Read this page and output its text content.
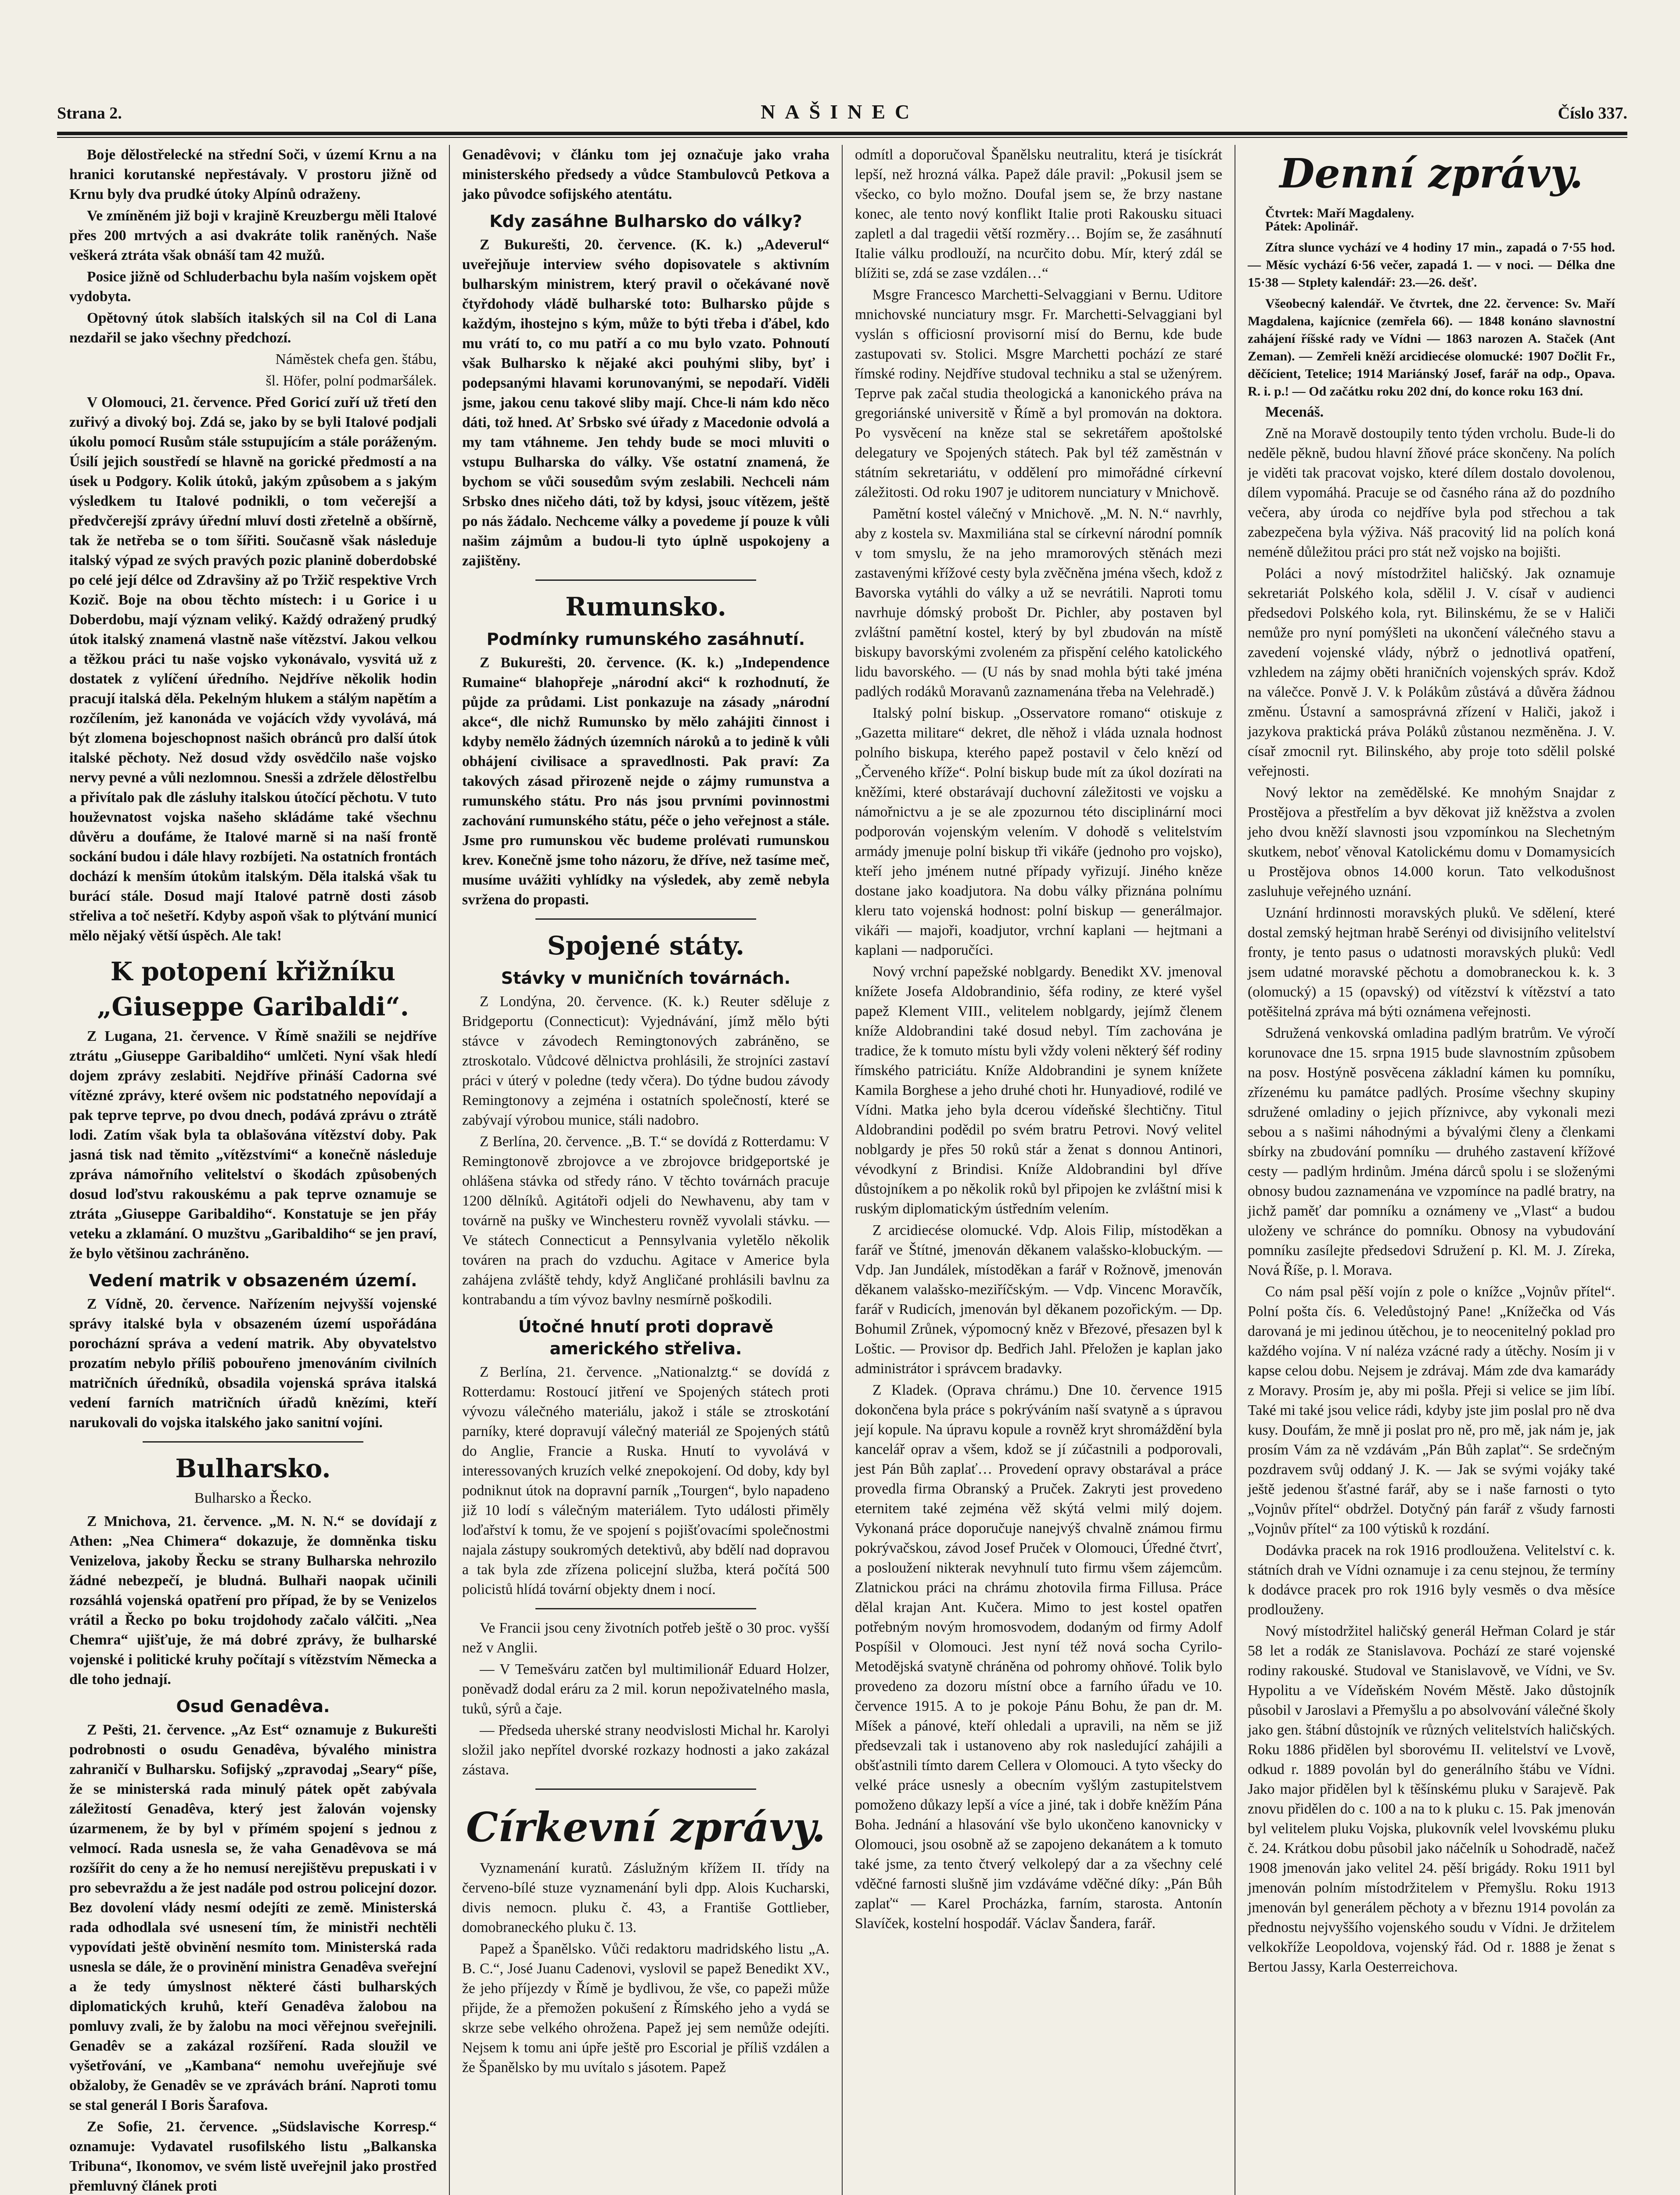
Strana 2.	NAŠINEC	Číslo 337.

Boje dělostřelecké na střední Soči, v území Krnu a na hranici korutanské nepřestávaly. V prostoru jižně od Krnu byly dva prudké útoky Alpínů odraženy.

Ve zmíněném již boji v krajině Kreuzbergu měli Italové přes 200 mrtvých a asi dvakráte tolik raněných. Naše veškerá ztráta však obnáší tam 42 mužů.

Posice jižně od Schluderbachu byla naším vojskem opět vydobyta.

Opětovný útok slabších italských sil na Col di Lana nezdařil se jako všechny předchozí.

Náměstek chefa gen. štábu,

šl. Höfer, polní podmaršálek.

V Olomouci, 21. července. Před Goricí zuří už třetí den zuřivý a divoký boj. Zdá se, jako by se byli Italové podjali úkolu pomocí Rusům stále sstupujícím a stále poráženým. Úsilí jejich soustředí se hlavně na gorické předmostí a na úsek u Podgory. Kolik útoků, jakým způsobem a s jakým výsledkem tu Italové podnikli, o tom večerejší a předvčerejší zprávy úřední mluví dosti zřetelně a obšírně, tak že netřeba se o tom šířiti. Současně však následuje italský výpad ze svých pravých pozic planině doberdobské po celé její délce od Zdravšiny až po Tržič respektive Vrch Kozič. Boje na obou těchto místech: i u Gorice i u Doberdobu, mají význam veliký. Každý odražený prudký útok italský znamená vlastně naše vítězství. Jakou velkou a těžkou práci tu naše vojsko vykonávalo, vysvitá už z dostatek z vylíčení úředního. Nejdříve několik hodin pracují italská děla. Pekelným hlukem a stálým napětím a rozčílením, jež kanonáda ve vojácích vždy vyvolává, má být zlomena bojeschopnost našich obránců pro další útok italské pěchoty. Než dosud vždy osvědčilo naše vojsko nervy pevné a vůli nezlomnou. Snesši a zdržele dělostřelbu a přivítalo pak dle zásluhy italskou útočící pěchotu. V tuto houževnatost vojska našeho skládáme také všechnu důvěru a doufáme, že Italové marně si na naší frontě sockání budou i dále hlavy rozbíjeti. Na ostatních frontách dochází k menším útokům italským. Děla italská však tu burácí stále. Dosud mají Italové patrně dosti zásob střeliva a toč nešetří. Kdyby aspoň však to plýtvání municí mělo nějaký větší úspěch. Ale tak!

K potopení křižníku
„Giuseppe Garibaldi“.

Z Lugana, 21. července. V Římě snažili se nejdříve ztrátu „Giuseppe Garibaldiho“ umlčeti. Nyní však hledí dojem zprávy zeslabiti. Nejdříve přináší Cadorna své vítězné zprávy, které ovšem nic podstatného nepovídají a pak teprve teprve, po dvou dnech, podává zprávu o ztrátě lodi. Zatím však byla ta oblašována vítězství doby. Pak jasná tisk nad těmito „vítězstvími“ a konečně následuje zpráva námořního velitelství o škodách způsobených dosud loďstvu rakouskému a pak teprve oznamuje se ztráta „Giuseppe Garibaldiho“. Konstatuje se jen přáy veteku a zklamání. O muzštvu „Garibaldiho“ se jen praví, že bylo většinou zachráněno.

Vedení matrik v obsazeném území.

Z Vídně, 20. července. Nařízením nejvyšší vojenské správy italské byla v obsazeném území uspořádána porocházní správa a vedení matrik. Aby obyvatelstvo prozatím nebylo příliš pobouřeno jmenováním civilních matričních úředníků, obsadila vojenská správa italská vedení farních matričních úřadů knězími, kteří narukovali do vojska italského jako sanitní vojíni.

Bulharsko.
Bulharsko a Řecko.

Z Mnichova, 21. července. „M. N. N.“ se dovídají z Athen: „Nea Chimera“ dokazuje, že domněnka tisku Venizelova, jakoby Řecku se strany Bulharska nehrozilo žádné nebezpečí, je bludná. Bulhaři naopak učinili rozsáhlá vojenská opatření pro případ, že by se Venizelos vrátil a Řecko po boku trojdohody začalo válčiti. „Nea Chemra“ ujišťuje, že má dobré zprávy, že bulharské vojenské i politické kruhy počítají s vítězstvím Německa a dle toho jednají.

Osud Genadêva.

Z Pešti, 21. července. „Az Est“ oznamuje z Bukurešti podrobnosti o osudu Genadêva, bývalého ministra zahraničí v Bulharsku. Sofijský „zpravodaj „Seary“ píše, že se ministerská rada minulý pátek opět zabývala záležitostí Genadêva, který jest žalován vojensky úzarmenem, že by byl v přímém spojení s jednou z velmocí. Rada usnesla se, že vaha Genadêvova se má rozšířit do ceny a že ho nemusí nerejištěvu prepuskati i v pro sebevraždu a že jest nadále pod ostrou policejní dozor. Bez dovolení vlády nesmí odejíti ze země. Ministerská rada odhodlala své usnesení tím, že ministři nechtěli vypovídati ještě obvinění nesmíto tom. Ministerská rada usnesla se dále, že o provinění ministra Genadêva sveřejní a že tedy úmyslnost některé části bulharských diplomatických kruhů, kteří Genadêva žalobou na pomluvy zvali, že by žalobu na moci věřejnou sveřejnili. Genadêv se a zakázal rozšíření. Rada sloužil ve vyšetřování, ve „Kambana“ nemohu uveřejňuje své obžaloby, že Genadêv se ve zprávách brání. Naproti tomu se stal generál I Boris Šarafova.

Ze Sofie, 21. července. „Südslavische Korresp.“ oznamuje: Vydavatel rusofilského listu „Balkanska Tribuna“, Ikonomov, ve svém listě uveřejnil jako prostřed přemluvný článek proti

Genadêvovi; v článku tom jej označuje jako vraha ministerského předsedy a vůdce Stambulovců Petkova a jako původce sofijského atentátu.

Kdy zasáhne Bulharsko do války?

Z Bukurešti, 20. července. (K. k.) „Adeverul“ uveřejňuje interview svého dopisovatele s aktivním bulharským ministrem, který pravil o očekávané nově čtyřdohody vládě bulharské toto: Bulharsko půjde s každým, ihostejno s kým, může to býti třeba i ďábel, kdo mu vrátí to, co mu patří a co mu bylo vzato. Pohnoutí však Bulharsko k nějaké akci pouhými sliby, byť i podepsanými hlavami korunovanými, se nepodaří. Viděli jsme, jakou cenu takové sliby mají. Chce-li nám kdo něco dáti, tož hned. Ať Srbsko své úřady z Macedonie odvolá a my tam vtáhneme. Jen tehdy bude se moci mluviti o vstupu Bulharska do války. Vše ostatní znamená, že bychom se vůči sousedům svým zeslabili. Nechceli nám Srbsko dnes ničeho dáti, tož by kdysi, jsouc vítězem, ještě po nás žádalo. Nechceme války a povedeme jí pouze k vůli našim zájmům a budou-li tyto úplně uspokojeny a zajištěny.

Rumunsko.
Podmínky rumunského zasáhnutí.

Z Bukurešti, 20. července. (K. k.) „Independence Rumaine“ blahopřeje „národní akci“ k rozhodnutí, že půjde za průdami. List ponkazuje na zásady „národní akce“, dle nichž Rumunsko by mělo zahájiti činnost i kdyby nemělo žádných územních nároků a to jedině k vůli obhájení civilisace a spravedlnosti. Pak praví: Za takových zásad přirozeně nejde o zájmy rumunstva a rumunského státu. Pro nás jsou prvními povinnostmi zachování rumunského státu, péče o jeho veřejnost a stále. Jsme pro rumunskou věc budeme prolévati rumunskou krev. Konečně jsme toho názoru, že dříve, než tasíme meč, musíme uvážiti vyhlídky na výsledek, aby země nebyla svržena do propasti.

Spojené státy.
Stávky v muničních továrnách.

Z Londýna, 20. července. (K. k.) Reuter sděluje z Bridgeportu (Connecticut): Vyjednávání, jímž mělo býti stávce v závodech Remingtonových zabráněno, se ztroskotalo. Vůdcové dělnictva prohlásili, že strojníci zastaví práci v úterý v poledne (tedy včera). Do týdne budou závody Remingtonovy a zejména i ostatních společností, které se zabývají výrobou munice, stáli nadobro.

Z Berlína, 20. července. „B. T.“ se dovídá z Rotterdamu: V Remingtonově zbrojovce a ve zbrojovce bridgeportské je ohlášena stávka od středy ráno. V těchto továrnách pracuje 1200 dělníků. Agitátoři odjeli do Newhavenu, aby tam v továrně na pušky ve Winchesteru rovněž vyvolali stávku. — Ve státech Connecticut a Pennsylvania vyletělo několik továren na prach do vzduchu. Agitace v Americe byla zahájena zvláště tehdy, když Angličané prohlásili bavlnu za kontrabandu a tím vývoz bavlny nesmírně poškodili.

Útočné hnutí proti dopravě amerického střeliva.

Z Berlína, 21. července. „Nationalztg.“ se dovídá z Rotterdamu: Rostoucí jitření ve Spojených státech proti vývozu válečného materiálu, jakož i stále se ztroskotání parníky, které dopravují válečný materiál ze Spojených států do Anglie, Francie a Ruska. Hnutí to vyvolává v interessovaných kruzích velké znepokojení. Od doby, kdy byl podniknut útok na dopravní parník „Tourgen“, bylo napadeno již 10 lodí s válečným materiálem. Tyto události přiměly loďařství k tomu, že ve spojení s pojišťovacími společnostmi najala zástupy soukromých detektivů, aby bdělí nad dopravou a tak byla zde zřízena policejní služba, která počítá 500 policistů hlídá tovární objekty dnem i nocí.

Ve Francii jsou ceny životních potřeb ještě o 30 proc. vyšší než v Anglii.

— V Temešváru zatčen byl multimilionář Eduard Holzer, poněvadž dodal eráru za 2 mil. korun nepoživatelného masla, tuků, sýrů a čaje.

— Předseda uherské strany neodvislosti Michal hr. Karolyi složil jako nepřítel dvorské rozkazy hodnosti a jako zakázal zástava.

Církevní zprávy.

Vyznamenání kuratů. Záslužným křížem II. třídy na červeno-bílé stuze vyznamenání byli dpp. Alois Kucharski, divis nemocn. pluku č. 43, a Františe Gottlieber, domobraneckého pluku č. 13.

Papež a Španělsko. Vůči redaktoru madridského listu „A. B. C.“, José Juanu Cadenovi, vyslovil se papež Benedikt XV., že jeho příjezdy v Římě je bydlivou, že vše, co papeži může přijde, že a přemožen pokušení z Římského jeho a vydá se skrze sebe velkého ohrožena. Papež jej sem nemůže odejíti. Nejsem k tomu ani úpře ještě pro Escorial je příliš vzdálen a že Španělsko by mu uvítalo s jásotem. Papež

odmítl a doporučoval Španělsku neutralitu, která je tisíckrát lepší, než hrozná válka. Papež dále pravil: „Pokusil jsem se všecko, co bylo možno. Doufal jsem se, že brzy nastane konec, ale tento nový konflikt Italie proti Rakousku situaci zapletl a dal tragedii větší rozměry… Bojím se, že zasáhnutí Italie válku prodlouží, na ncurčito dobu. Mír, který zdál se blížiti se, zdá se zase vzdálen…“

Msgre Francesco Marchetti-Selvaggiani v Bernu. Uditore mnichovské nunciatury msgr. Fr. Marchetti-Selvaggiani byl vyslán s officiosní provisorní misí do Bernu, kde bude zastupovati sv. Stolici. Msgre Marchetti pochází ze staré římské rodiny. Nejdříve studoval techniku a stal se uženýrem. Teprve pak začal studia theologická a kanonického práva na gregoriánské universitě v Římě a byl promován na doktora. Po vysvěcení na kněze stal se sekretářem apoštolské delegatury ve Spojených státech. Pak byl též zaměstnán v státním sekretariátu, v oddělení pro mimořádné církevní záležitosti. Od roku 1907 je uditorem nunciatury v Mnichově.

Pamětní kostel válečný v Mnichově. „M. N. N.“ navrhly, aby z kostela sv. Maxmiliána stal se církevní národní pomník v tom smyslu, že na jeho mramorových stěnách mezi zastavenými křížové cesty byla zvěčněna jména všech, kdož z Bavorska vytáhli do války a už se nevrátili. Naproti tomu navrhuje dómský probošt Dr. Pichler, aby postaven byl zvláštní pamětní kostel, který by byl zbudován na místě biskupy bavorskými zvoleném za přispění celého katolického lidu bavorského. — (U nás by snad mohla býti také jména padlých rodáků Moravanů zaznamenána třeba na Velehradě.)

Italský polní biskup. „Osservatore romano“ otiskuje z „Gazetta militare“ dekret, dle něhož i vláda uznala hodnost polního biskupa, kterého papež postavil v čelo knězí od „Červeného kříže“. Polní biskup bude mít za úkol dozírati na kněžími, které obstarávají duchovní záležitosti ve vojsku a námořnictvu a je se ale zpozurnou této disciplinární moci podporován vojenským velením. V dohodě s velitelstvím armády jmenuje polní biskup tři vikáře (jednoho pro vojsko), kteří jeho jménem nutné případy vyřizují. Jiného kněze dostane jako koadjutora. Na dobu války přiznána polnímu kleru tato vojenská hodnost: polní biskup — generálmajor. vikáři — majoři, koadjutor, vrchní kaplani — hejtmani a kaplani — nadporučíci.

Nový vrchní papežské noblgardy. Benedikt XV. jmenoval knížete Josefa Aldobrandinio, šéfa rodiny, ze které vyšel papež Klement VIII., velitelem noblgardy, jejímž členem kníže Aldobrandini také dosud nebyl. Tím zachována je tradice, že k tomuto místu byli vždy voleni některý šéf rodiny římského patriciátu. Kníže Aldobrandini je synem knížete Kamila Borghese a jeho druhé choti hr. Hunyadiové, rodilé ve Vídni. Matka jeho byla dcerou vídeňské šlechtičny. Titul Aldobrandini podědil po svém bratru Petrovi. Nový velitel noblgardy je přes 50 roků stár a ženat s donnou Antinori, vévodkyní z Brindisi. Kníže Aldobrandini byl dříve důstojníkem a po několik roků byl připojen ke zvláštní misi k ruským diplomatickým ústředním velením.

Z arcidiecése olomucké. Vdp. Alois Filip, místoděkan a farář ve Štítné, jmenován děkanem valašsko-klobuckým. — Vdp. Jan Jundálek, místoděkan a farář v Rožnově, jmenován děkanem valašsko-meziříčským. — Vdp. Vincenc Moravčík, farář v Rudicích, jmenován byl děkanem pozořickým. — Dp. Bohumil Zrůnek, výpomocný kněz v Březové, přesazen byl k Loštic. — Provisor dp. Bedřich Jahl. Přeložen je kaplan jako administrátor i správcem bradavky.

Z Kladek. (Oprava chrámu.) Dne 10. července 1915 dokončena byla práce s pokrýváním naší svatyně a s úpravou její kopule. Na úpravu kopule a rovněž kryt shromáždění byla kancelář oprav a všem, kdož se jí zúčastnili a podporovali, jest Pán Bůh zaplať… Provedení opravy obstarával a práce provedla firma Obranský a Pruček. Zakryti jest provedeno eternitem také zejména věž skýtá velmi milý dojem. Vykonaná práce doporučuje nanejvýš chvalně známou firmu pokrývačskou, závod Josef Pruček v Olomouci, Úředné čtvrť, a posloužení nikterak nevyhnulí tuto firmu všem zájemcům. Zlatnickou práci na chrámu zhotovila firma Fillusa. Práce dělal krajan Ant. Kučera. Mimo to jest kostel opatřen potřebným novým hromosvodem, dodaným od firmy Adolf Pospíšil v Olomouci. Jest nyní též nová socha Cyrilo-Metodějská svatyně chráněna od pohromy ohňové. Tolik bylo provedeno za dozoru místní obce a farního úřadu ve 10. července 1915. A to je pokoje Pánu Bohu, že pan dr. M. Míšek a pánové, kteří ohledali a upravili, na něm se již předsevzali tak i ustanoveno aby rok nasledující zahájili a obšťastnili tímto darem Cellera v Olomouci. A tyto všecky do velké práce usnesly a obecním vyšlým zastupitelstvem pomoženo důkazy lepší a více a jiné, tak i dobře kněžím Pána Boha. Jednání a hlasování vše bylo ukončeno kanovnicky v Olomouci, jsou osobně až se zapojeno dekanátem a k tomuto také jsme, za tento čtverý velkolepý dar a za všechny celé vděčné farnosti slušně jim vzdáváme vděčné díky: „Pán Bůh zaplať“ — Karel Procházka, farním, starosta. Antonín Slavíček, kostelní hospodář. Václav Šandera, farář.

Denní zprávy.

Čtvrtek: Maří Magdaleny.

Pátek: Apolinář.

Zítra slunce vychází ve 4 hodiny 17 min., zapadá o 7·55 hod. — Měsíc vychází 6·56 večer, zapadá 1. — v noci. — Délka dne 15·38 — Stplety kalendář: 23.—26. dešť.

Všeobecný kalendář. Ve čtvrtek, dne 22. července: Sv. Maří Magdalena, kajícnice (zemřela 66). — 1848 konáno slavnostní zahájení říšské rady ve Vídni — 1863 narozen A. Staček (Ant Zeman). — Zemřeli kněží arcidiecése olomucké: 1907 Dočlit Fr., děčícient, Tetelice; 1914 Mariánský Josef, farář na odp., Opava. R. i. p.! — Od začátku roku 202 dní, do konce roku 163 dní.

Mecenáš.

Zně na Moravě dostoupily tento týden vrcholu. Bude-li do neděle pěkně, budou hlavní žňové práce skončeny. Na polích je viděti tak pracovat vojsko, které dílem dostalo dovolenou, dílem vypomáhá. Pracuje se od časného rána až do pozdního večera, aby úroda co nejdříve byla pod střechou a tak zabezpečena byla výživa. Náš pracovitý lid na polích koná neméně důležitou práci pro stát než vojsko na bojišti.

Poláci a nový místodržitel haličský. Jak oznamuje sekretariát Polského kola, sdělil J. V. císař v audienci předsedovi Polského kola, ryt. Bilinskému, že se v Haliči nemůže pro nyní pomýšleti na ukončení válečného stavu a zavedení vojenské vlády, nýbrž o jednotlivá opatření, vzhledem na zájmy oběti hraničních vojenských správ. Kdož na válečce. Ponvě J. V. k Polákům zůstává a důvěra žádnou změnu. Ústavní a samosprávná zřízení v Haliči, jakož i jazykova praktická práva Poláků zůstanou nezměněna. J. V. císař zmocnil ryt. Bilinského, aby proje toto sdělil polské veřejnosti.

Nový lektor na zemědělské. Ke mnohým Snajdar z Prostějova a přestřelím a byv děkovat již kněžstva a zvolen jeho dvou kněží slavnosti jsou vzpomínkou na Slechetným skutkem, neboť věnoval Katolickému domu v Domamysicích u Prostějova obnos 14.000 korun. Tato velkodušnost zasluhuje veřejného uznání.

Uznání hrdinnosti moravských pluků. Ve sdělení, které dostal zemský hejtman hrabě Serényi od divisijního velitelství fronty, je tento pasus o udatnosti moravských pluků: Vedl jsem udatné moravské pěchotu a domobraneckou k. k. 3 (olomucký) a 15 (opavský) od vítězství k vítězství a tato potěšitelná zpráva má býti oznámena veřejnosti.

Sdružená venkovská omladina padlým bratrům. Ve výročí korunovace dne 15. srpna 1915 bude slavnostním způsobem na posv. Hostýně posvěcena základní kámen ku pomníku, zřízenému ku památce padlých. Prosíme všechny skupiny sdružené omladiny o jejich příznivce, aby vykonali mezi sebou a s našimi náhodnými a bývalými členy a členkami sbírky na zbudování pomníku — druhého zastavení křížové cesty — padlým hrdinům. Jména dárců spolu i se složenými obnosy budou zaznamenána ve vzpomínce na padlé bratry, na jichž paměť dar pomníku a oznámeny ve „Vlast“ a budou uloženy ve schránce do pomníku. Obnosy na vybudování pomníku zasílejte předsedovi Sdružení p. Kl. M. J. Zíreka, Nová Říše, p. l. Morava.

Co nám psal pěší vojín z pole o knížce „Vojnův přítel“. Polní pošta čís. 6. Veledůstojný Pane! „Knížečka od Vás darovaná je mi jedinou útěchou, je to neocenitelný poklad pro každého vojína. V ní naléza vzácné rady a útěchy. Nosím ji v kapse celou dobu. Nejsem je zdrávaj. Mám zde dva kamarády z Moravy. Prosím je, aby mi pošla. Přeji si velice se jim líbí. Také mi také jsou velice rádi, kdyby jste jim poslal pro ně dva kusy. Doufám, že mně ji poslat pro ně, pro mě, jak nám je, jak prosím Vám za ně vzdávám „Pán Bůh zaplať“. Se srdečným pozdravem svůj oddaný J. K. — Jak se svými vojáky také ještě jedenou šťastné farář, aby se i naše farnosti o tyto „Vojnův přítel“ obdržel. Dotyčný pán farář z všudy farnosti „Vojnův přítel“ za 100 výtisků k rozdání.

Dodávka pracek na rok 1916 prodloužena. Velitelství c. k. státních drah ve Vídni oznamuje i za cenu stejnou, že termíny k dodávce pracek pro rok 1916 byly vesměs o dva měsíce prodlouženy.

Nový místodržitel haličský generál Heřman Colard je stár 58 let a rodák ze Stanislavova. Pochází ze staré vojenské rodiny rakouské. Studoval ve Stanislavově, ve Vídni, ve Sv. Hypolitu a ve Vídeňském Novém Městě. Jako důstojník působil v Jaroslavi a Přemyšlu a po absolvování válečné školy jako gen. štábní důstojník ve různých velitelstvích haličských. Roku 1886 přidělen byl sborovému II. velitelství ve Lvově, odkud r. 1889 povolán byl do generálního štábu ve Vídni. Jako major přidělen byl k těšínskému pluku v Sarajevě. Pak znovu přidělen do c. 100 a na to k pluku c. 15. Pak jmenován byl velitelem pluku Vojska, plukovník velel lvovskému pluku č. 24. Krátkou dobu působil jako náčelník u Sohodradě, načež 1908 jmenován jako velitel 24. pěší brigády. Roku 1911 byl jmenován polním místodržitelem v Přemyšlu. Roku 1913 jmenován byl generálem pěchoty a v březnu 1914 povolán za přednostu nejvyššího vojenského soudu v Vídni. Je držitelem velkokříže Leopoldova, vojenský řád. Od r. 1888 je ženat s Bertou Jassy, Karla Oesterreichova.
